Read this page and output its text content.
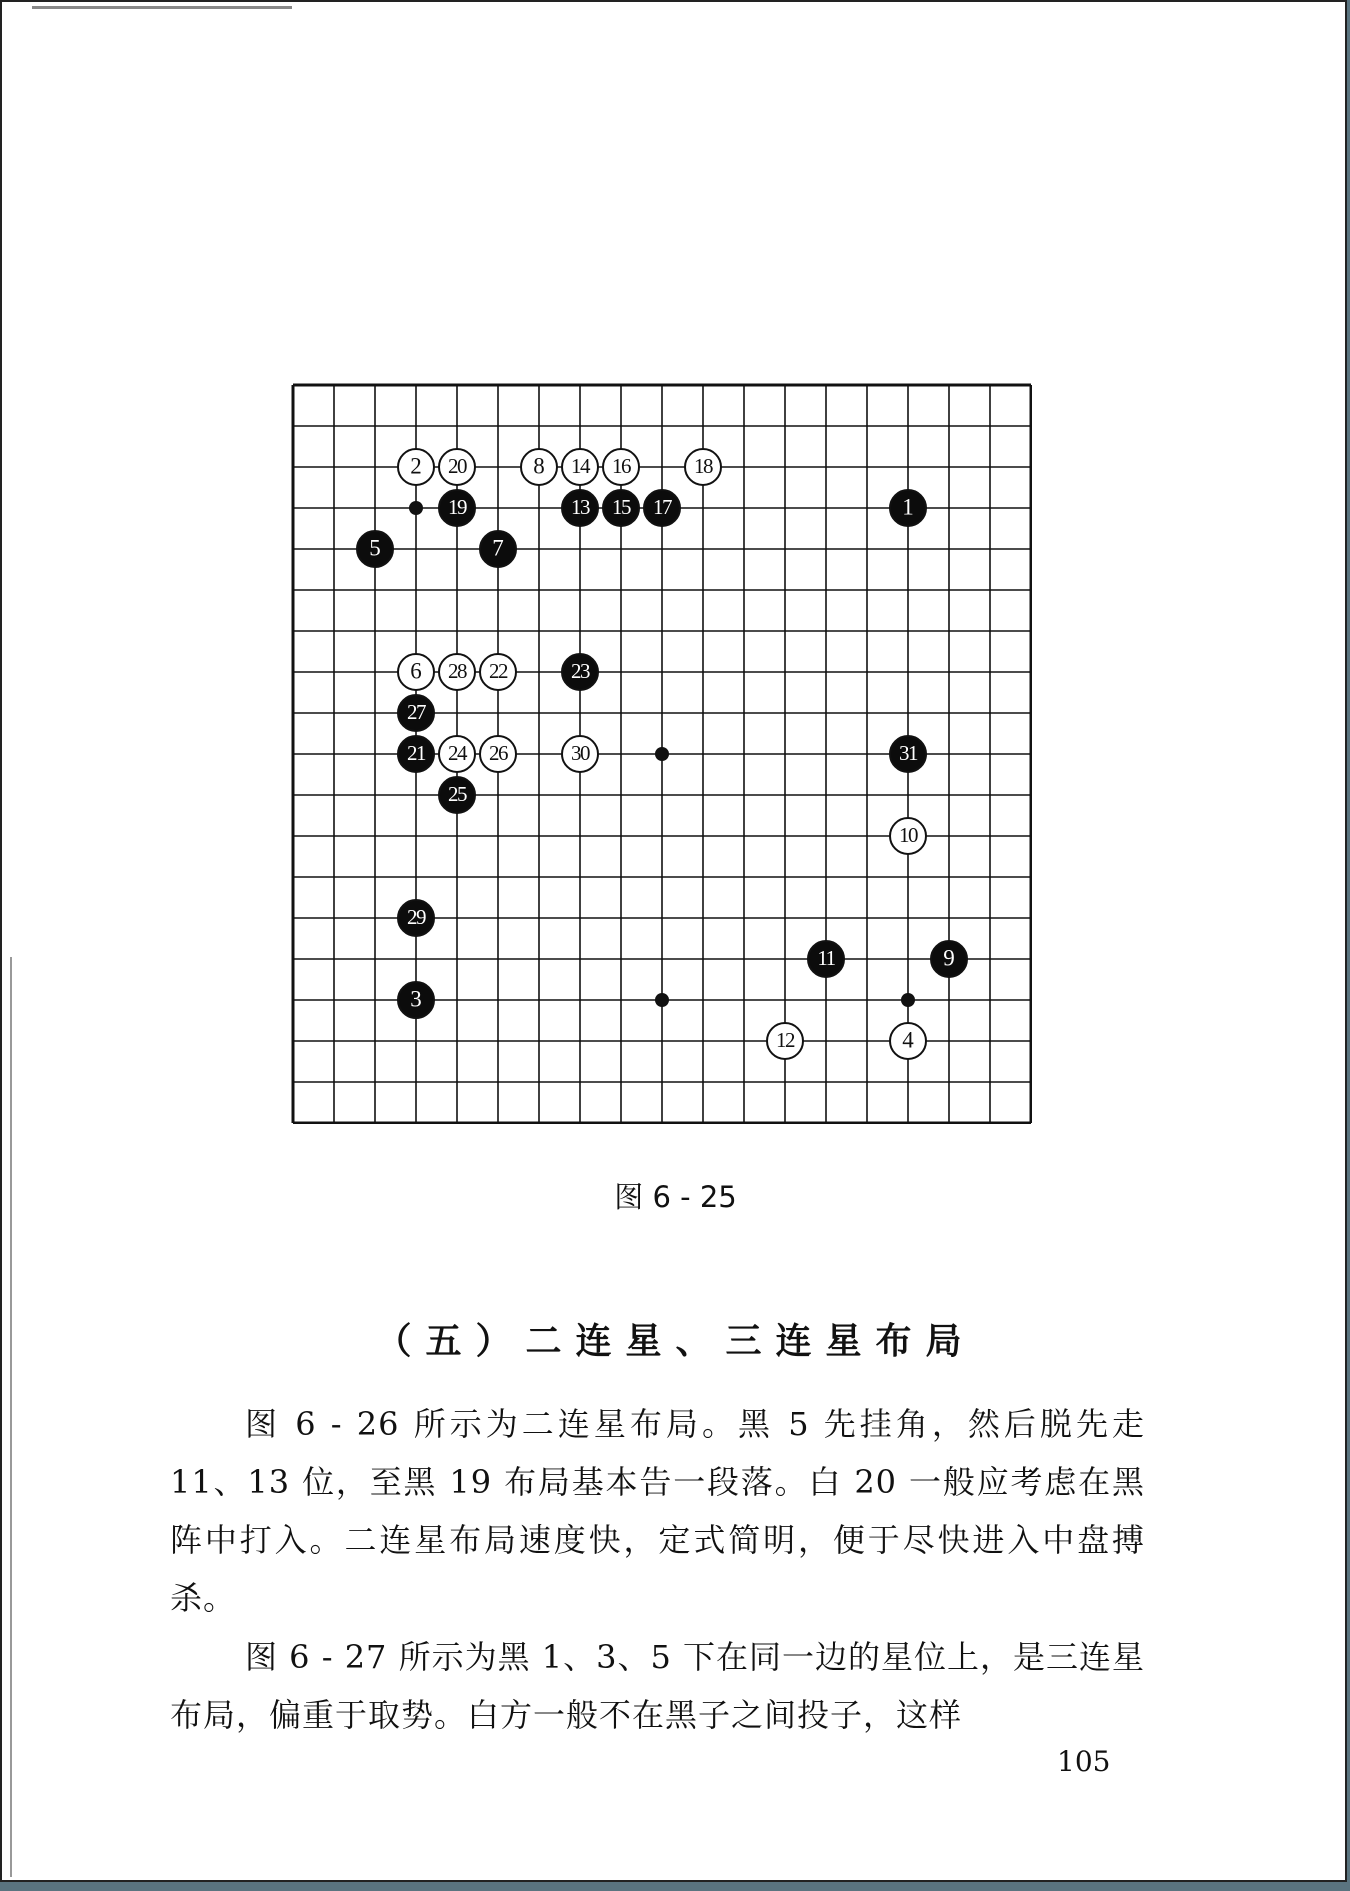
1
2
3
4
5
6
7
8
9
10
11
12
13
14
15
16
17
18
19
20
21
22	23
24
25
26
27
28
29
30	31
图 6 - 25
（五）二连星、三连星布局

图 6 - 26 所示为二连星布局。黑 5 先挂角，然后脱先走 11、13 位，至黑 19 布局基本告一段落。白 20 一般应考虑在黑阵中打入。二连星布局速度快，定式简明，便于尽快进入中盘搏杀。

图 6 - 27 所示为黑 1、3、5 下在同一边的星位上，是三连星布局，偏重于取势。白方一般不在黑子之间投子，这样

105
